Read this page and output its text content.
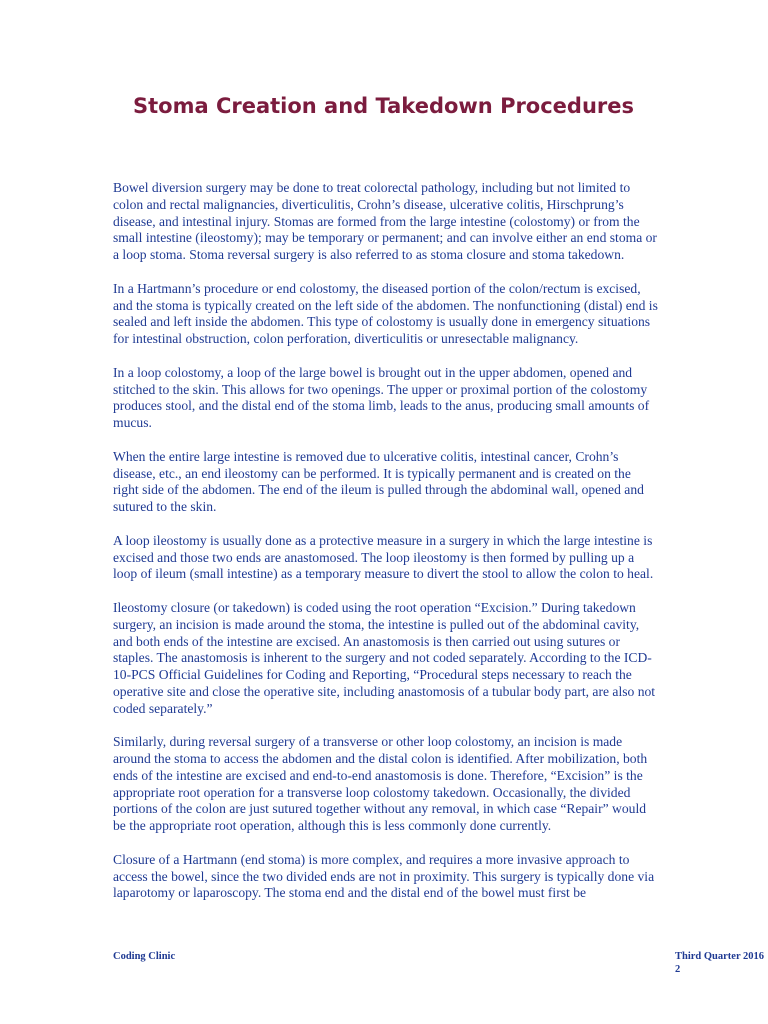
Stoma Creation and Takedown Procedures

Bowel diversion surgery may be done to treat colorectal pathology, including but not limited to colon and rectal malignancies, diverticulitis, Crohn’s disease, ulcerative colitis, Hirschprung’s disease, and intestinal injury. Stomas are formed from the large intestine (colostomy) or from the small intestine (ileostomy); may be temporary or permanent; and can involve either an end stoma or a loop stoma. Stoma reversal surgery is also referred to as stoma closure and stoma takedown.

In a Hartmann’s procedure or end colostomy, the diseased portion of the colon/rectum is excised, and the stoma is typically created on the left side of the abdomen. The nonfunctioning (distal) end is sealed and left inside the abdomen. This type of colostomy is usually done in emergency situations for intestinal obstruction, colon perforation, diverticulitis or unresectable malignancy.

In a loop colostomy, a loop of the large bowel is brought out in the upper abdomen, opened and stitched to the skin. This allows for two openings. The upper or proximal portion of the colostomy produces stool, and the distal end of the stoma limb, leads to the anus, producing small amounts of mucus.

When the entire large intestine is removed due to ulcerative colitis, intestinal cancer, Crohn’s disease, etc., an end ileostomy can be performed. It is typically permanent and is created on the right side of the abdomen. The end of the ileum is pulled through the abdominal wall, opened and sutured to the skin.

A loop ileostomy is usually done as a protective measure in a surgery in which the large intestine is excised and those two ends are anastomosed. The loop ileostomy is then formed by pulling up a loop of ileum (small intestine) as a temporary measure to divert the stool to allow the colon to heal.

Ileostomy closure (or takedown) is coded using the root operation “Excision.” During takedown surgery, an incision is made around the stoma, the intestine is pulled out of the abdominal cavity, and both ends of the intestine are excised. An anastomosis is then carried out using sutures or staples. The anastomosis is inherent to the surgery and not coded separately. According to the ICD-10-PCS Official Guidelines for Coding and Reporting, “Procedural steps necessary to reach the operative site and close the operative site, including anastomosis of a tubular body part, are also not coded separately.”

Similarly, during reversal surgery of a transverse or other loop colostomy, an incision is made around the stoma to access the abdomen and the distal colon is identified. After mobilization, both ends of the intestine are excised and end-to-end anastomosis is done. Therefore, “Excision” is the appropriate root operation for a transverse loop colostomy takedown. Occasionally, the divided portions of the colon are just sutured together without any removal, in which case “Repair” would be the appropriate root operation, although this is less commonly done currently.

Closure of a Hartmann (end stoma) is more complex, and requires a more invasive approach to access the bowel, since the two divided ends are not in proximity. This surgery is typically done via laparotomy or laparoscopy. The stoma end and the distal end of the bowel must first be

Coding Clinic	Third Quarter 2016
2
